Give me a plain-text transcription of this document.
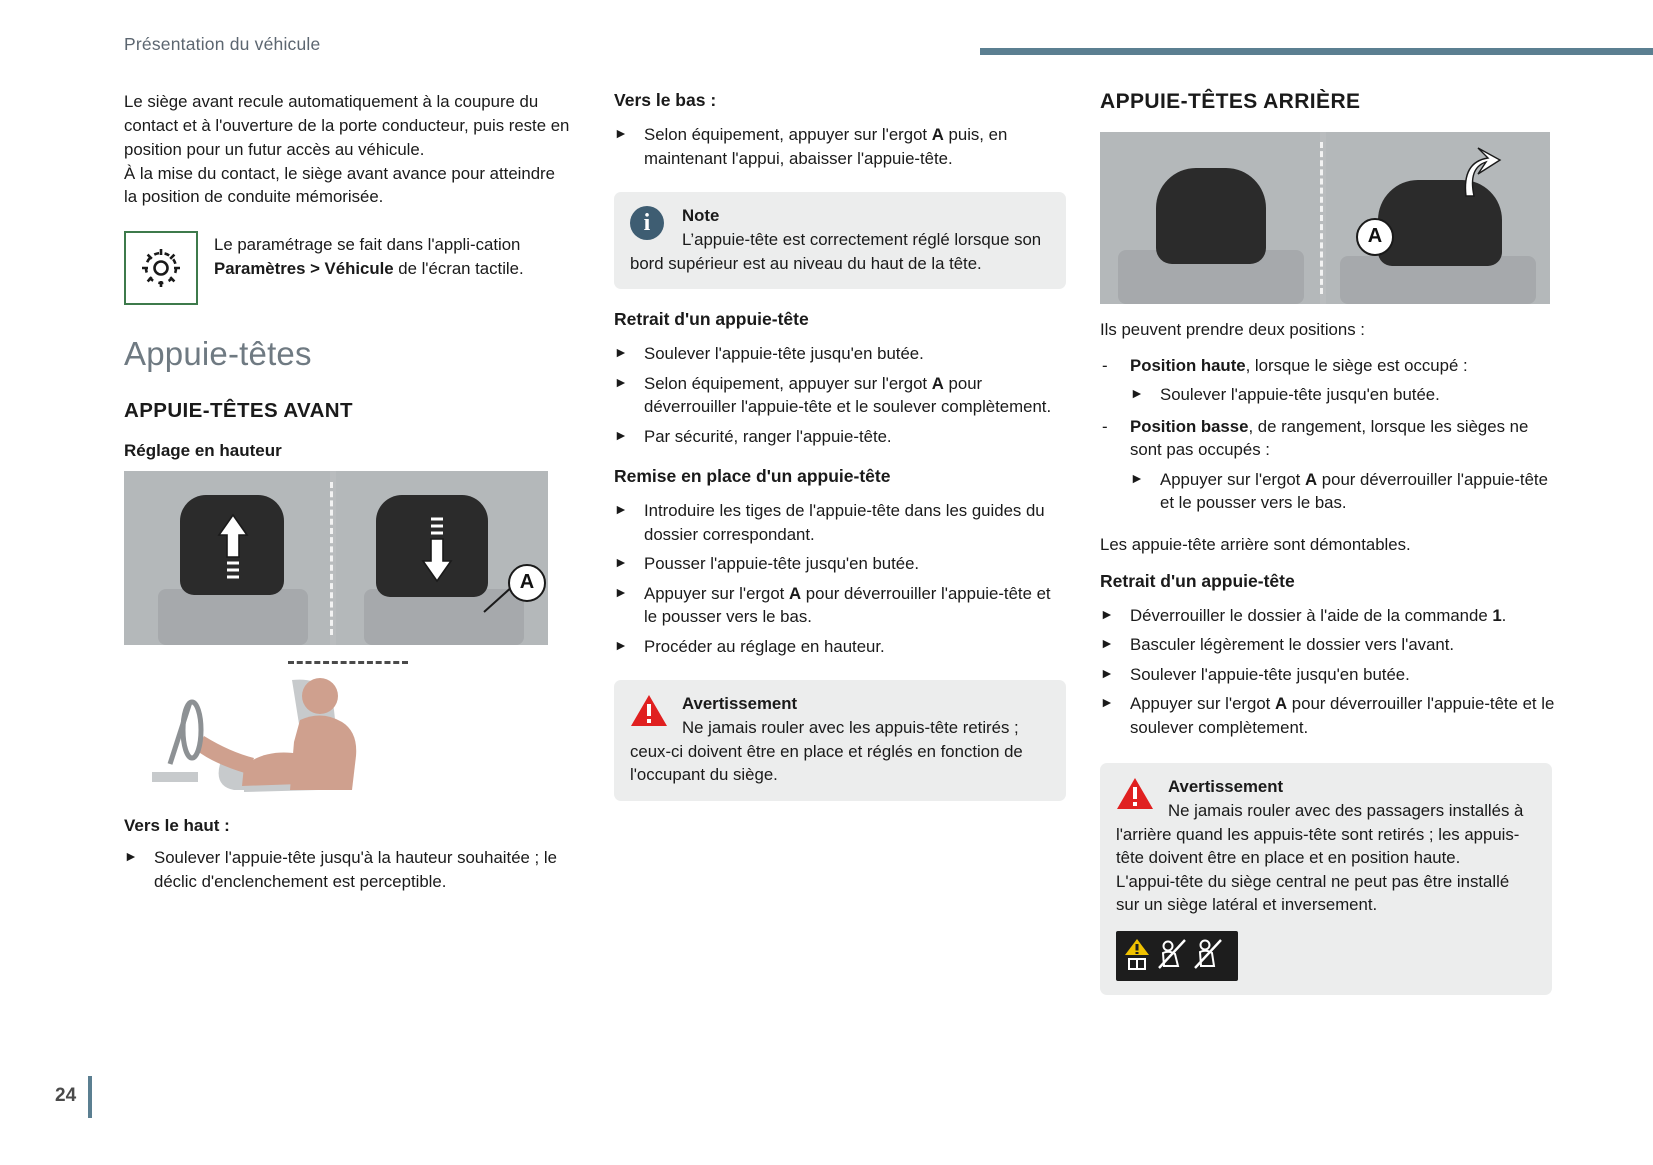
Présentation du véhicule
24
Le siège avant recule automatiquement à la coupure du contact et à l'ouverture de la porte conducteur, puis reste en position pour un futur accès au véhicule.
À la mise du contact, le siège avant avance pour atteindre la position de conduite mémorisée.
Le paramétrage se fait dans l'appli-cation Paramètres > Véhicule de l'écran tactile.
Appuie-têtes
APPUIE-TÊTES AVANT
Réglage en hauteur
A
Vers le haut :
► Soulever l'appuie-tête jusqu'à la hauteur souhaitée ; le déclic d'enclenchement est perceptible.
Vers le bas :
► Selon équipement, appuyer sur l'ergot A puis, en maintenant l'appui, abaisser l'appuie-tête.
i	Note
L’appuie-tête est correctement réglé lorsque son bord supérieur est au niveau du haut de la tête.
Retrait d'un appuie-tête
► Soulever l'appuie-tête jusqu'en butée.
► Selon équipement, appuyer sur l'ergot A pour déverrouiller l'appuie-tête et le soulever complètement.
► Par sécurité, ranger l'appuie-tête.
Remise en place d'un appuie-tête
► Introduire les tiges de l'appuie-tête dans les guides du dossier correspondant.
► Pousser l'appuie-tête jusqu'en butée.
► Appuyer sur l'ergot A pour déverrouiller l'appuie-tête et le pousser vers le bas.
► Procéder au réglage en hauteur.
Avertissement
Ne jamais rouler avec les appuis-tête retirés ; ceux-ci doivent être en place et réglés en fonction de l'occupant du siège.
APPUIE-TÊTES ARRIÈRE
A
Ils peuvent prendre deux positions :
- Position haute, lorsque le siège est occupé :
► Soulever l'appuie-tête jusqu'en butée.
- Position basse, de rangement, lorsque les sièges ne sont pas occupés :
► Appuyer sur l'ergot A pour déverrouiller l'appuie-tête et le pousser vers le bas.
Les appuie-tête arrière sont démontables.
Retrait d'un appuie-tête
► Déverrouiller le dossier à l'aide de la commande 1.
► Basculer légèrement le dossier vers l'avant.
► Soulever l'appuie-tête jusqu'en butée.
► Appuyer sur l'ergot A pour déverrouiller l'appuie-tête et le soulever complètement.
Avertissement
Ne jamais rouler avec des passagers installés à l'arrière quand les appuis-tête sont retirés ; les appuis-tête doivent être en place et en position haute.
L'appui-tête du siège central ne peut pas être installé sur un siège latéral et inversement.
